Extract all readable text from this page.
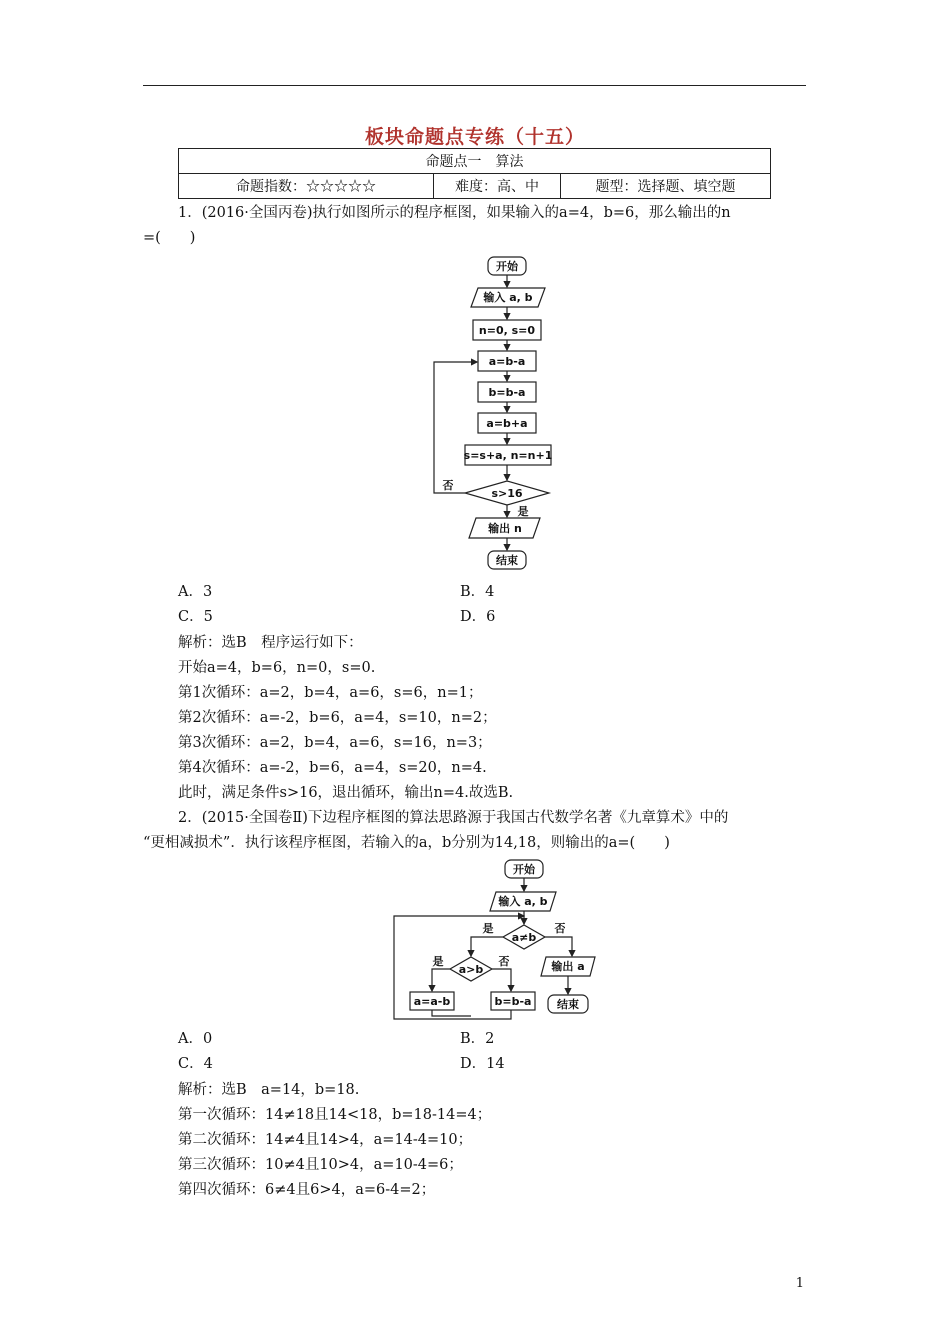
板块命题点专练（十五）
命题点一　算法
命题指数：☆☆☆☆☆	难度：高、中	题型：选择题、填空题
1．(2016·全国丙卷)执行如图所示的程序框图，如果输入的a=4，b=6，那么输出的n
=(　　)
开始
输入 a, b
n=0, s=0
a=b-a
b=b-a
a=b+a
s=s+a, n=n+1
s>16
否
是
输出 n
结束
A．3	B．4
C．5	D．6
解析：选B　程序运行如下：
开始a=4，b=6，n=0，s=0.
第1次循环：a=2，b=4，a=6，s=6，n=1；
第2次循环：a=-2，b=6，a=4，s=10，n=2；
第3次循环：a=2，b=4，a=6，s=16，n=3；
第4次循环：a=-2，b=6，a=4，s=20，n=4.
此时，满足条件s>16，退出循环，输出n=4.故选B.
2．(2015·全国卷Ⅱ)下边程序框图的算法思路源于我国古代数学名著《九章算术》中的
“更相减损术”．执行该程序框图，若输入的a，b分别为14,18，则输出的a=(　　)
开始
输入 a, b
a≠b
是	否
a>b
是	否
a=a-b	b=b-a
输出 a
结束
A．0	B．2
C．4	D．14
解析：选B　a=14，b=18.
第一次循环：14≠18且14<18，b=18-14=4；
第二次循环：14≠4且14>4，a=14-4=10；
第三次循环：10≠4且10>4，a=10-4=6；
第四次循环：6≠4且6>4，a=6-4=2；
1
